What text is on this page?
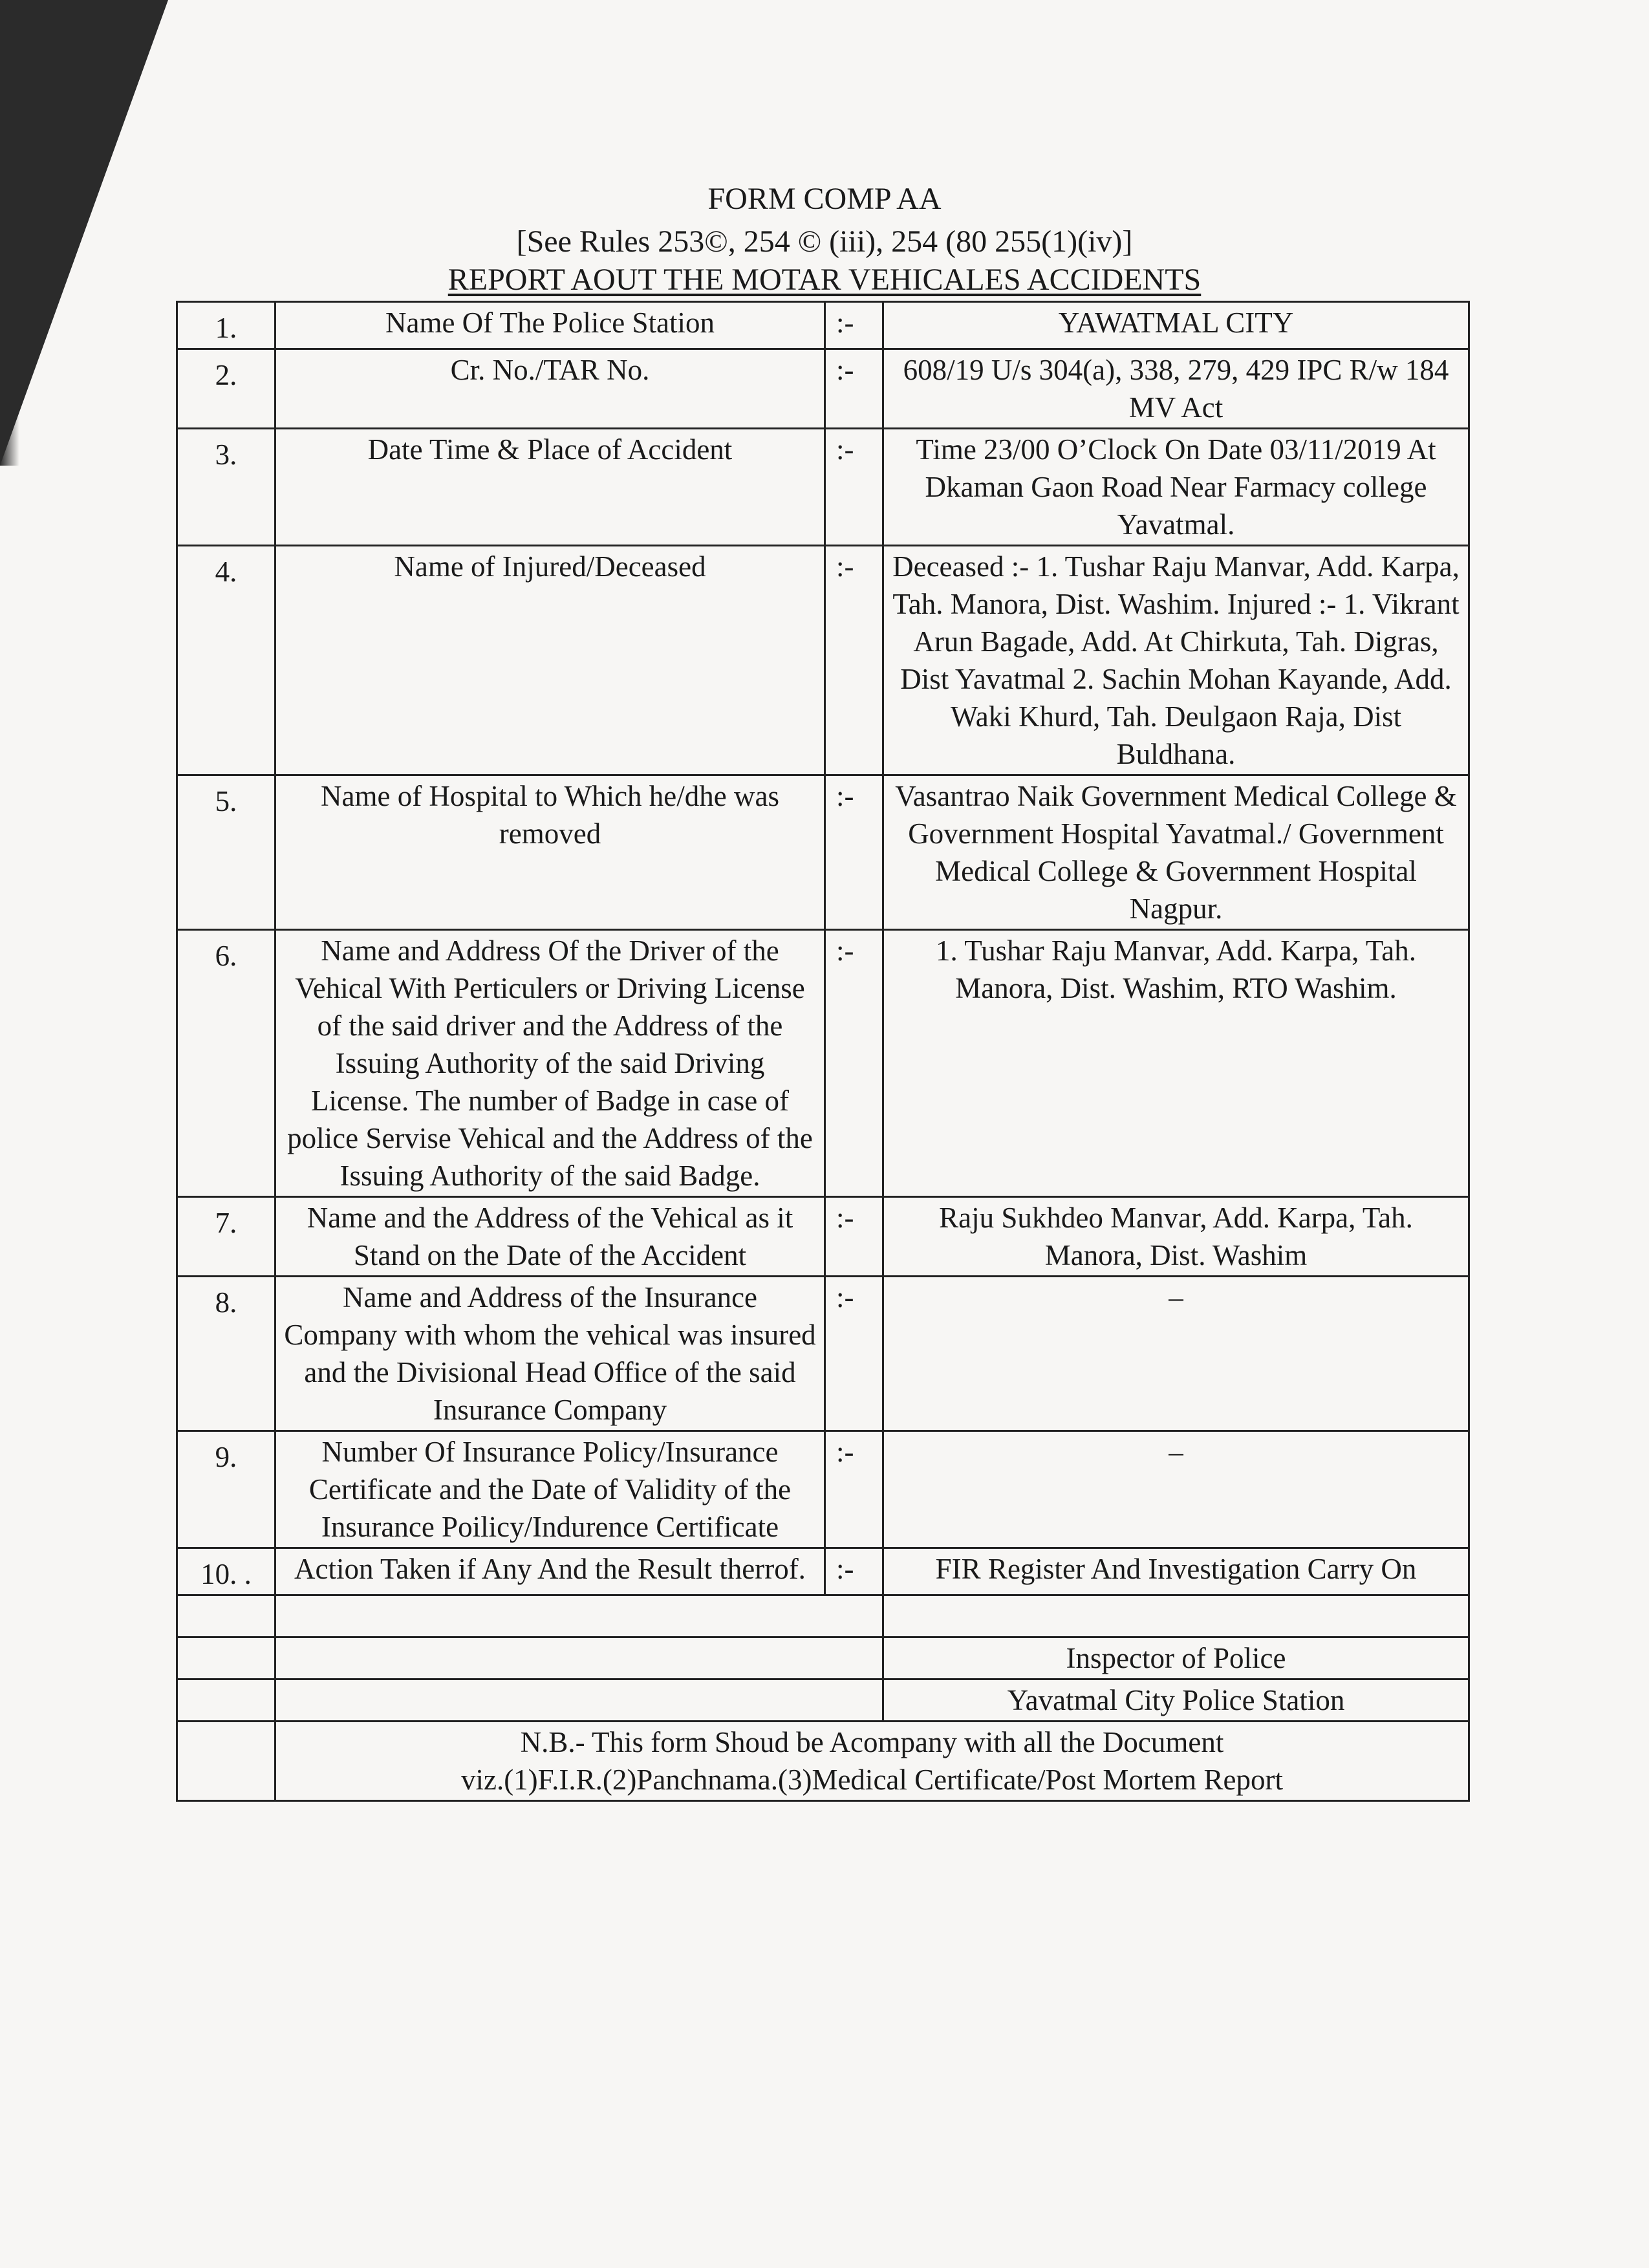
FORM COMP AA
[See Rules 253©, 254 © (iii), 254 (80 255(1)(iv)]
REPORT AOUT THE MOTAR VEHICALES ACCIDENTS
1.	Name Of The Police Station	:-	YAWATMAL CITY
2.	Cr. No./TAR No.	:-	608/19 U/s 304(a), 338, 279, 429 IPC R/w 184 MV Act
3.	Date Time & Place of Accident	:-	Time 23/00 O’Clock On Date 03/11/2019 At Dkaman Gaon Road Near Farmacy college Yavatmal.
4.	Name of Injured/Deceased	:-	Deceased :- 1. Tushar Raju Manvar, Add. Karpa, Tah. Manora, Dist. Washim. Injured :- 1. Vikrant Arun Bagade, Add. At Chirkuta, Tah. Digras, Dist Yavatmal 2. Sachin Mohan Kayande, Add. Waki Khurd, Tah. Deulgaon Raja, Dist Buldhana.
5.	Name of Hospital to Which he/dhe was removed	:-	Vasantrao Naik Government Medical College & Government Hospital Yavatmal./ Government Medical College & Government Hospital Nagpur.
6.	Name and Address Of the Driver of the Vehical With Perticulers or Driving License of the said driver and the Address of the Issuing Authority of the said Driving License. The number of Badge in case of police Servise Vehical and the Address of the Issuing Authority of the said Badge.	:-	1. Tushar Raju Manvar, Add. Karpa, Tah. Manora, Dist. Washim, RTO Washim.
7.	Name and the Address of the Vehical as it Stand on the Date of the Accident	:-	Raju Sukhdeo Manvar, Add. Karpa, Tah. Manora, Dist. Washim
8.	Name and Address of the Insurance Company with whom the vehical was insured and the Divisional Head Office of the said Insurance Company	:-	–
9.	Number Of Insurance Policy/Insurance Certificate and the Date of Validity of the Insurance Poilicy/Indurence Certificate	:-	–
10. .	Action Taken if Any And the Result therrof.	:-	FIR Register And Investigation Carry On

			Inspector of Police
			Yavatmal City Police Station

	N.B.- This form Shoud be Acompany with all the Document
viz.(1)F.I.R.(2)Panchnama.(3)Medical Certificate/Post Mortem Report		
